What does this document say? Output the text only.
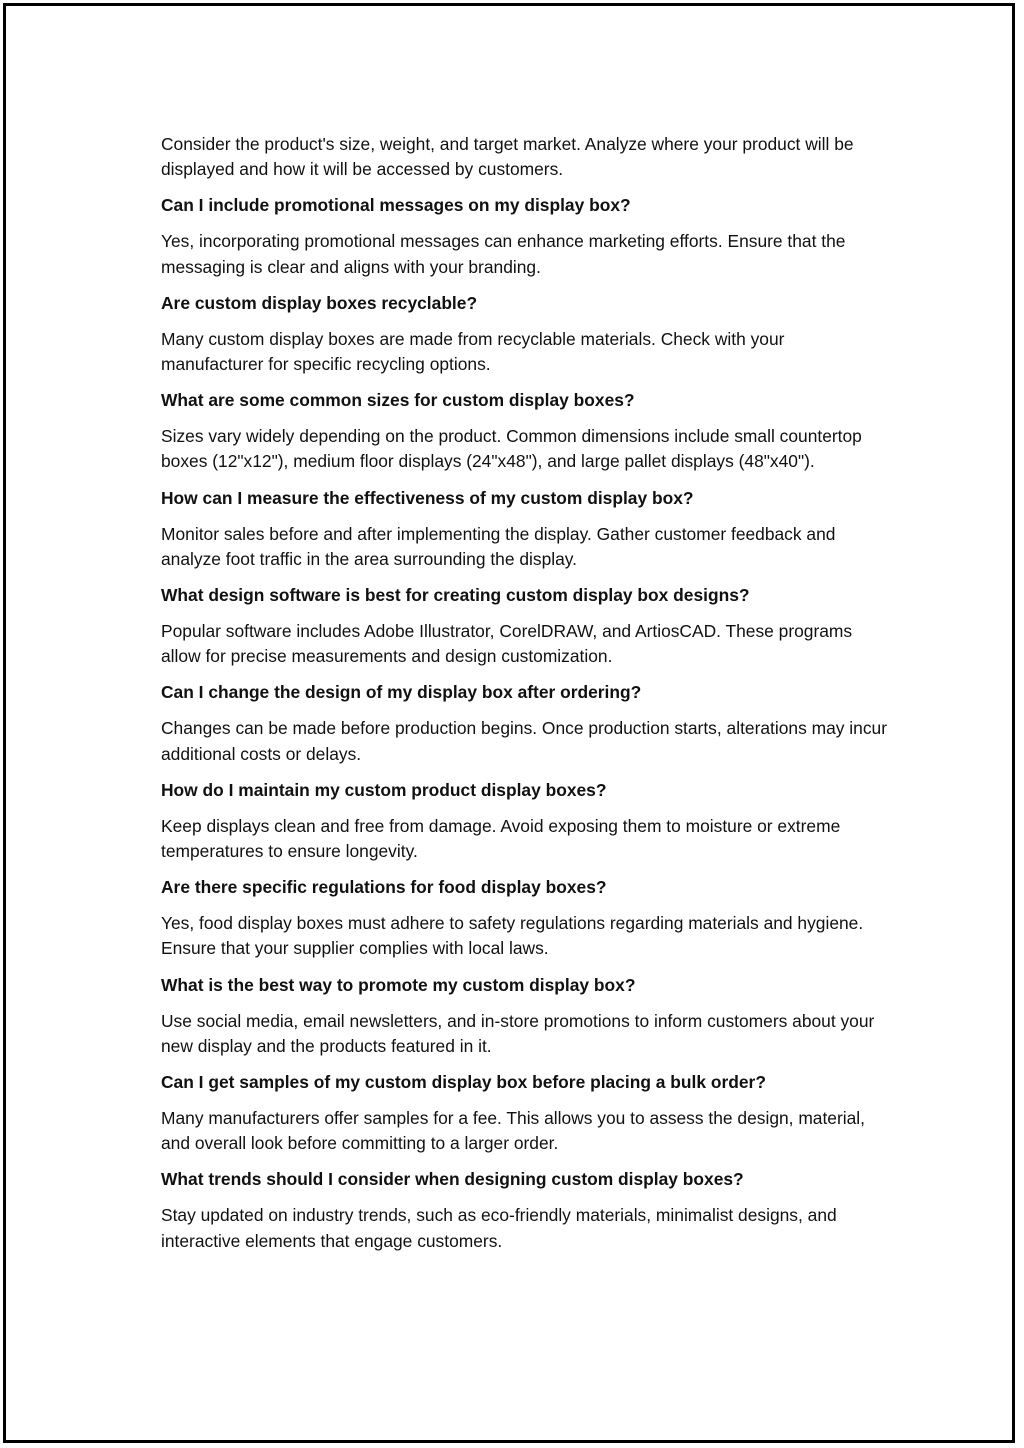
Consider the product's size, weight, and target market. Analyze where your product will be displayed and how it will be accessed by customers.

Can I include promotional messages on my display box?

Yes, incorporating promotional messages can enhance marketing efforts. Ensure that the messaging is clear and aligns with your branding.

Are custom display boxes recyclable?

Many custom display boxes are made from recyclable materials. Check with your manufacturer for specific recycling options.

What are some common sizes for custom display boxes?

Sizes vary widely depending on the product. Common dimensions include small countertop boxes (12"x12"), medium floor displays (24"x48"), and large pallet displays (48"x40").

How can I measure the effectiveness of my custom display box?

Monitor sales before and after implementing the display. Gather customer feedback and analyze foot traffic in the area surrounding the display.

What design software is best for creating custom display box designs?

Popular software includes Adobe Illustrator, CorelDRAW, and ArtiosCAD. These programs allow for precise measurements and design customization.

Can I change the design of my display box after ordering?

Changes can be made before production begins. Once production starts, alterations may incur additional costs or delays.

How do I maintain my custom product display boxes?

Keep displays clean and free from damage. Avoid exposing them to moisture or extreme temperatures to ensure longevity.

Are there specific regulations for food display boxes?

Yes, food display boxes must adhere to safety regulations regarding materials and hygiene. Ensure that your supplier complies with local laws.

What is the best way to promote my custom display box?

Use social media, email newsletters, and in-store promotions to inform customers about your new display and the products featured in it.

Can I get samples of my custom display box before placing a bulk order?

Many manufacturers offer samples for a fee. This allows you to assess the design, material, and overall look before committing to a larger order.

What trends should I consider when designing custom display boxes?

Stay updated on industry trends, such as eco-friendly materials, minimalist designs, and interactive elements that engage customers.
